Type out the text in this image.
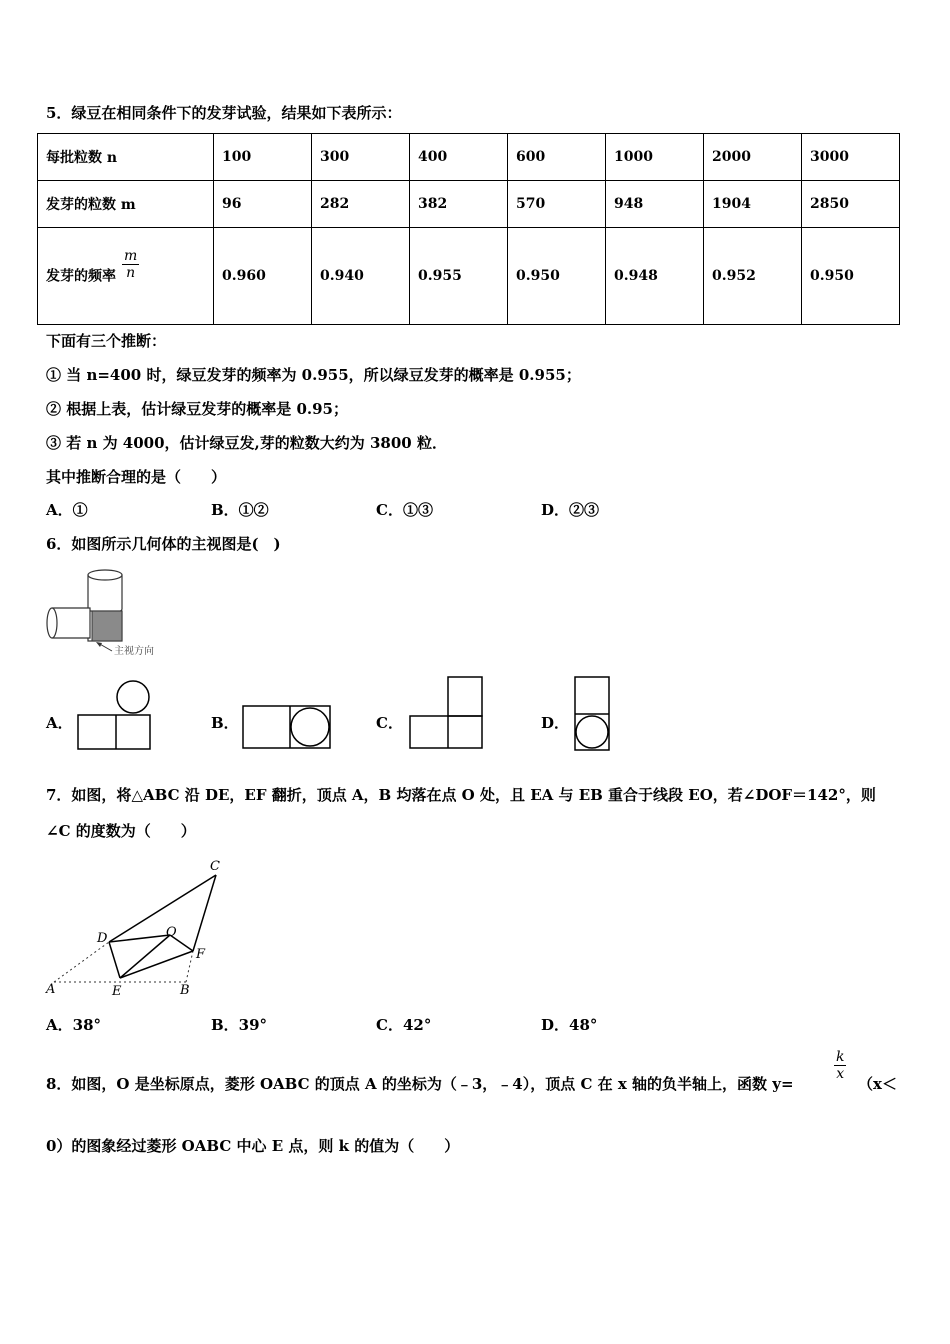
5．绿豆在相同条件下的发芽试验，结果如下表所示：
每批粒数 n	100	300	400	600	1000	2000	3000
发芽的粒数 m	96	282	382	570	948	1904	2850
发芽的频率 $\frac{m}{n}$	0.960	0.940	0.955	0.950	0.948	0.952	0.950
下面有三个推断：
① 当 n=400 时，绿豆发芽的频率为 0.955，所以绿豆发芽的概率是 0.955；
② 根据上表，估计绿豆发芽的概率是 0.95；
③ 若 n 为 4000，估计绿豆发,芽的粒数大约为 3800 粒．
其中推断合理的是（　　）
A．①	B．①②	C．①③	D．②③
6．如图所示几何体的主视图是(　)
主视方向
A．	B．	C．	D．
7．如图，将△ABC 沿 DE，EF 翻折，顶点 A，B 均落在点 O 处，且 EA 与 EB 重合于线段 EO，若∠DOF＝142°，则
∠C 的度数为（　　）
C
D	O
F
A	E	B
A．38°	B．39°	C．42°	D．48°
8．如图，O 是坐标原点，菱形 OABC 的顶点 A 的坐标为（﹣3，﹣4），顶点 C 在 x 轴的负半轴上，函数 y=
$\frac{k}{x}$
（x＜
0）的图象经过菱形 OABC 中心 E 点，则 k 的值为（　　）
